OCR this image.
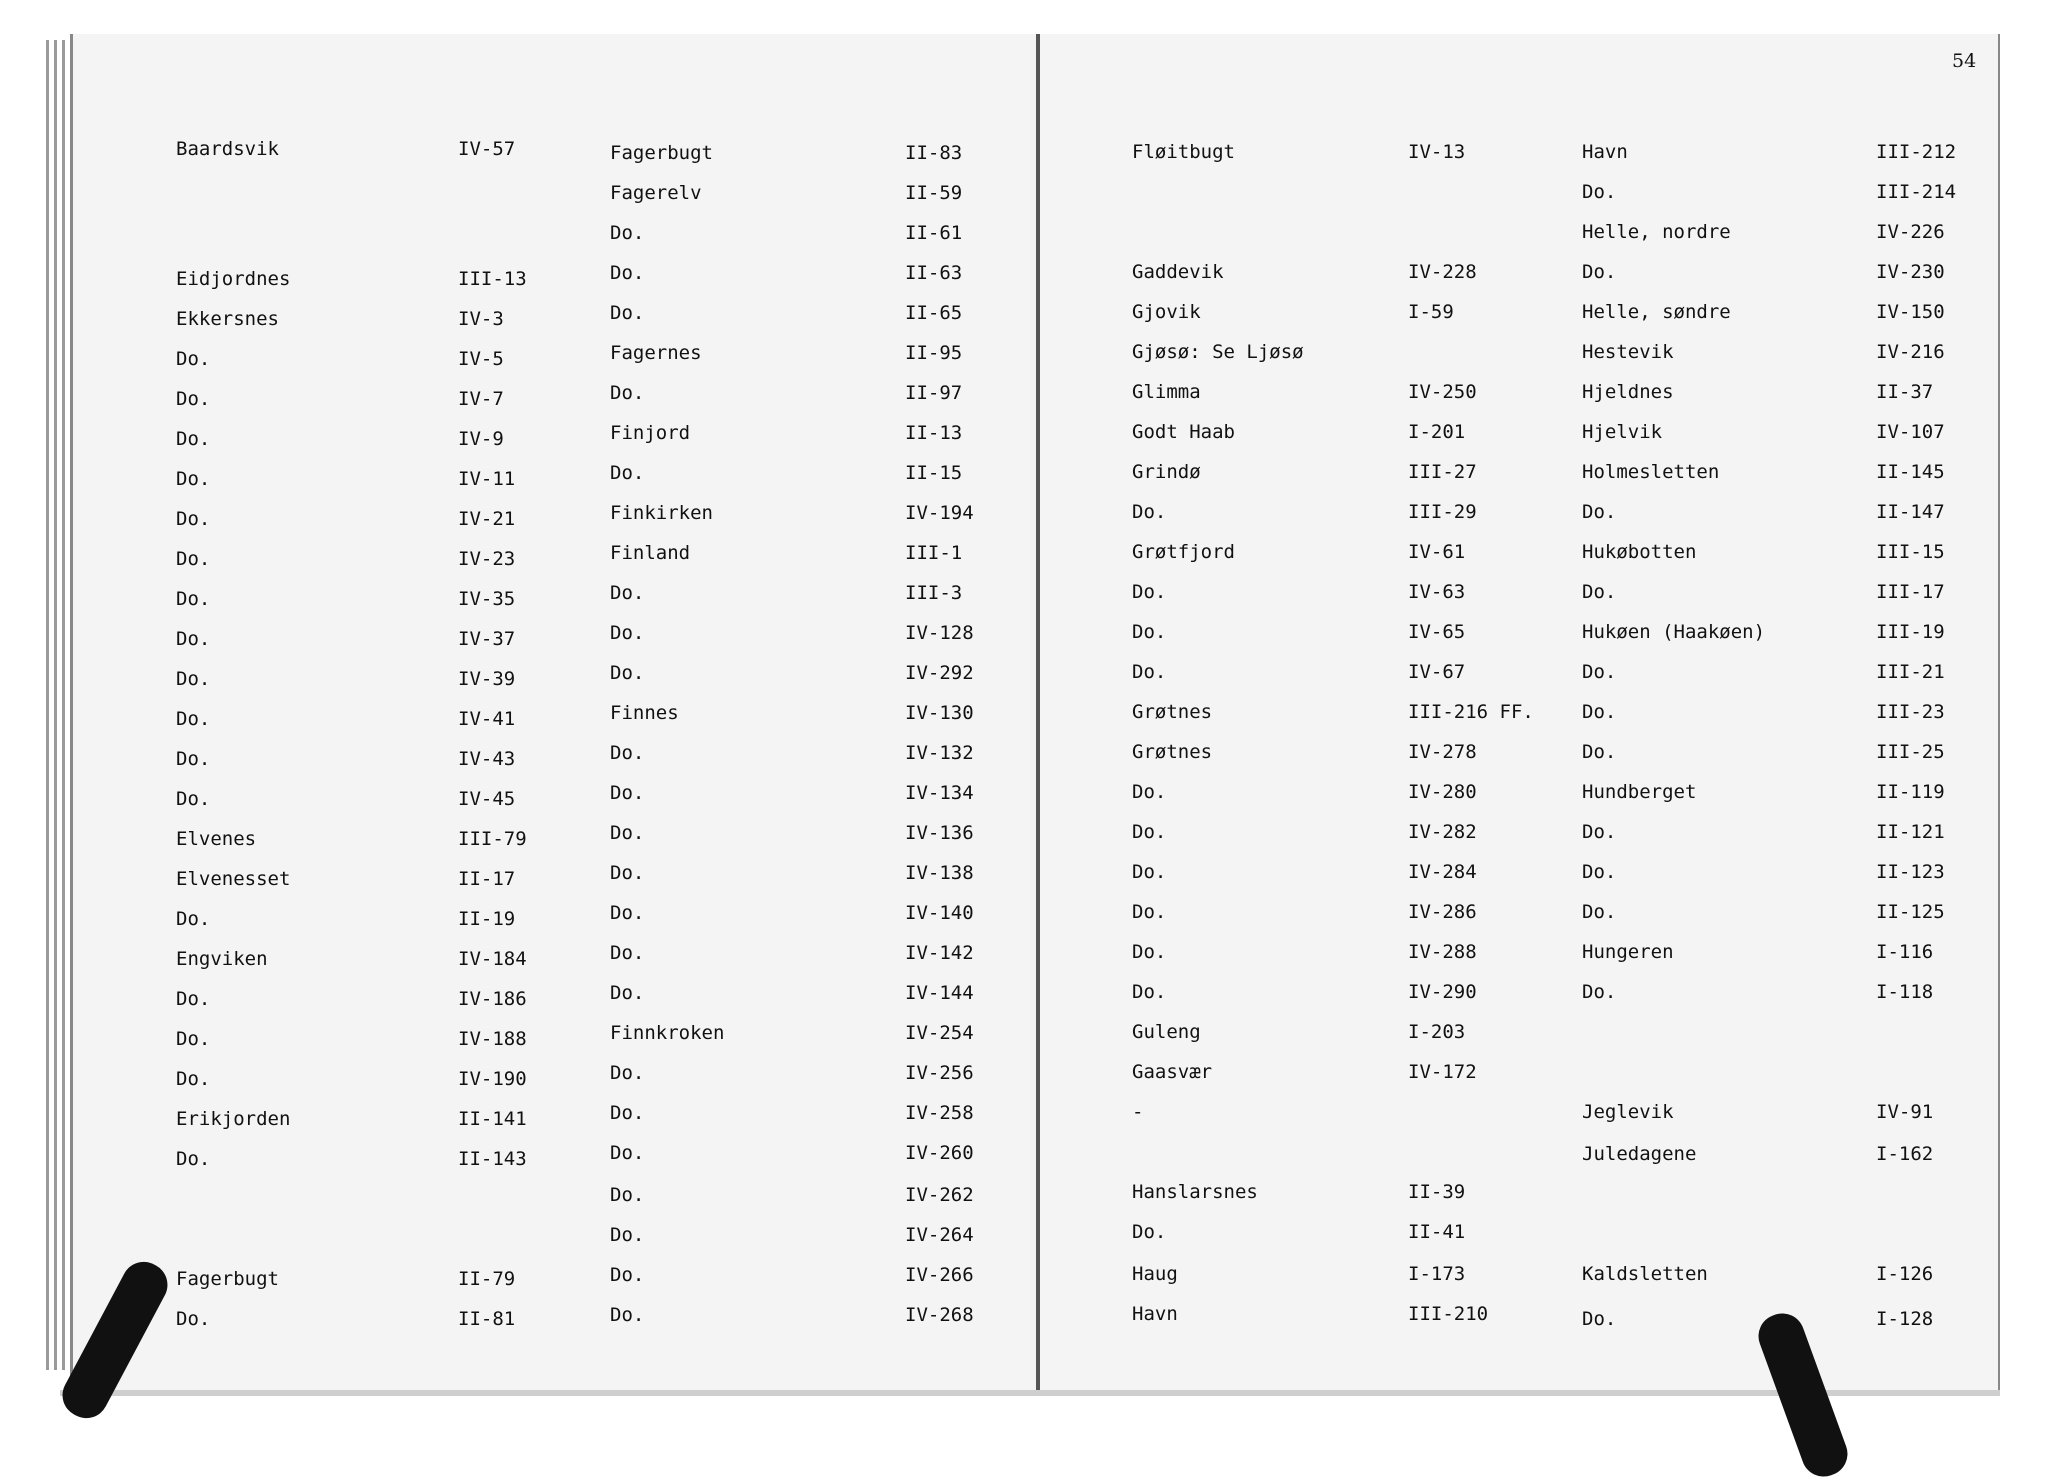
54
Baardsvik	IV-57
Eidjordnes	III-13
Ekkersnes	IV-3
Do.	IV-5
Do.	IV-7
Do.	IV-9
Do.	IV-11
Do.	IV-21
Do.	IV-23
Do.	IV-35
Do.	IV-37
Do.	IV-39
Do.	IV-41
Do.	IV-43
Do.	IV-45
Elvenes	III-79
Elvenesset	II-17
Do.	II-19
Engviken	IV-184
Do.	IV-186
Do.	IV-188
Do.	IV-190
Erikjorden	II-141
Do.	II-143
Fagerbugt	II-79
Do.	II-81
Fagerbugt	II-83
Fagerelv	II-59
Do.	II-61
Do.	II-63
Do.	II-65
Fagernes	II-95
Do.	II-97
Finjord	II-13
Do.	II-15
Finkirken	IV-194
Finland	III-1
Do.	III-3
Do.	IV-128
Do.	IV-292
Finnes	IV-130
Do.	IV-132
Do.	IV-134
Do.	IV-136
Do.	IV-138
Do.	IV-140
Do.	IV-142
Do.	IV-144
Finnkroken	IV-254
Do.	IV-256
Do.	IV-258
Do.	IV-260
Do.	IV-262
Do.	IV-264
Do.	IV-266
Do.	IV-268
Fløitbugt	IV-13
Gaddevik	IV-228
Gjovik	I-59
Gjøsø: Se Ljøsø
Glimma	IV-250
Godt Haab	I-201
Grindø	III-27
Do.	III-29
Grøtfjord	IV-61
Do.	IV-63
Do.	IV-65
Do.	IV-67
Grøtnes	III-216 FF.
Grøtnes	IV-278
Do.	IV-280
Do.	IV-282
Do.	IV-284
Do.	IV-286
Do.	IV-288
Do.	IV-290
Guleng	I-203
Gaasvær	IV-172
-
Hanslarsnes	II-39
Do.	II-41
Haug	I-173
Havn	III-210
Havn	III-212
Do.	III-214
Helle, nordre	IV-226
Do.	IV-230
Helle, søndre	IV-150
Hestevik	IV-216
Hjeldnes	II-37
Hjelvik	IV-107
Holmesletten	II-145
Do.	II-147
Hukøbotten	III-15
Do.	III-17
Hukøen (Haakøen)	III-19
Do.	III-21
Do.	III-23
Do.	III-25
Hundberget	II-119
Do.	II-121
Do.	II-123
Do.	II-125
Hungeren	I-116
Do.	I-118
Jeglevik	IV-91
Juledagene	I-162
Kaldsletten	I-126
Do.	I-128
